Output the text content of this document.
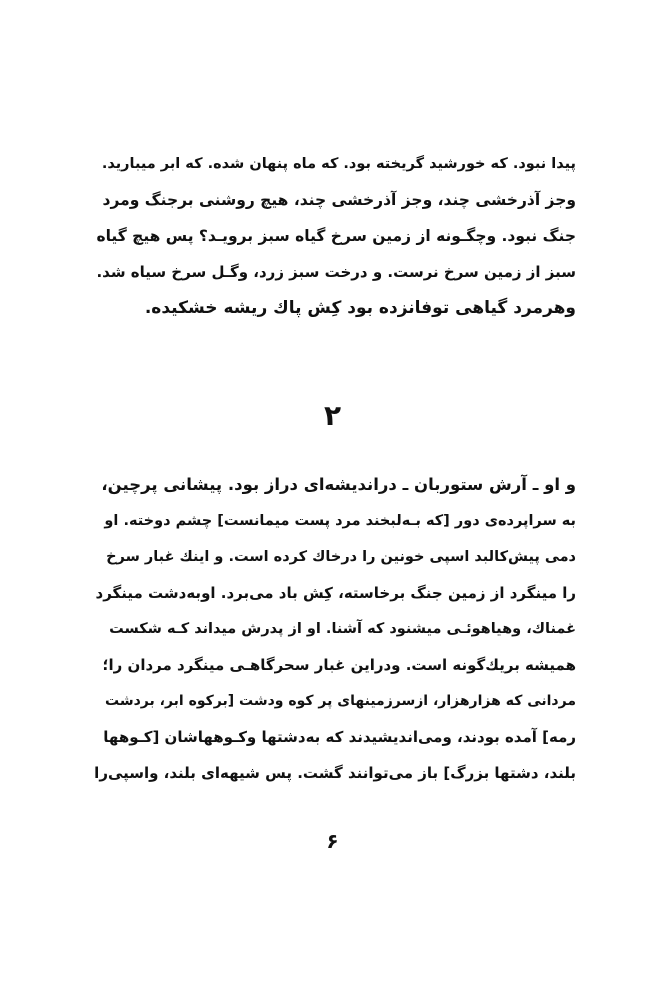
پیدا نبود. که خورشید گریخته بود. که ماه پنهان شده. که ابر میبارید.
وجز آذرخشی چند، وجز آذرخشی چند، هیچ روشنی برجنگ ومرد
جنگ نبود. وچگـونه از زمین سرخ گیاه سبز برویـد؟ پس هیچ گیاه
سبز از زمین سرخ نرست. و درخت سبز زرد، وگـل سرخ سیاه شد.
وهرمرد گیاهی توفانزده بود کِش پاك ریشه خشکیده.
۲
و او ـ آرش ستوربان ـ دراندیشه‌ای دراز بود. پیشانی پرچین،
به سراپرده‌ی دور [که بـه‌لبخند مرد پست میمانست] چشم دوخته. او
دمی پیش‌کالبد اسپی خونین را درخاك کرده است. و اینك غبار سرخ
را مینگرد از زمین جنگ برخاسته، کِش باد می‌برد. اوبه‌دشت مینگرد
غمناك، وهیاهوئـی میشنود که آشنا. او از پدرش میداند کـه شکست
همیشه بریك‌گونه است. ودراین غبار سحرگاهـی مینگرد مردان را؛
مردانی که هزارهزار، ازسرزمینهای پر کوه ودشت [برکوه ابر، بردشت
رمه] آمده بودند، ومی‌اندیشیدند که به‌دشتها وکـوهها‌شان [کـوهها
بلند، دشتها بزرگ] باز می‌توانند گشت. پس شیهه‌ای بلند، واسپی‌را
۶
